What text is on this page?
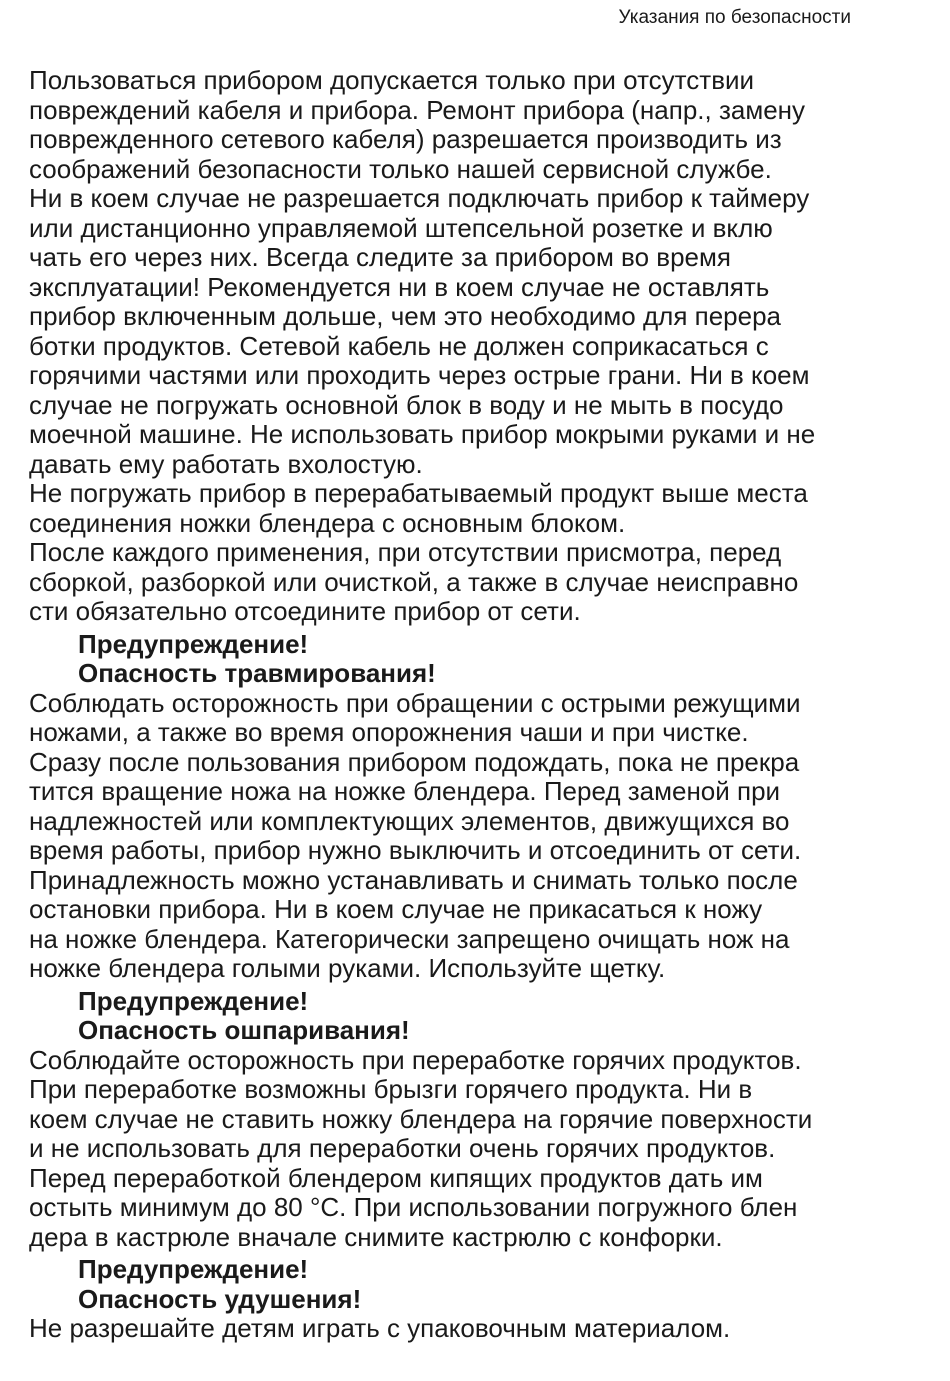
Указания по безопасности
Пользоваться прибором допускается только при отсутствии
повреждений кабеля и прибора. Ремонт прибора (напр., замену
поврежденного сетевого кабеля) разрешается производить из
соображений безопасности только нашей сервисной службе.
Ни в коем случае не разрешается подключать прибор к таймеру
или дистанционно управляемой штепсельной розетке и вклю
чать его через них. Всегда следите за прибором во время
эксплуатации! Рекомендуется ни в коем случае не оставлять
прибор включенным дольше, чем это необходимо для перера
ботки продуктов. Сетевой кабель не должен соприкасаться с
горячими частями или проходить через острые грани. Ни в коем
случае не погружать основной блок в воду и не мыть в посудо
моечной машине. Не использовать прибор мокрыми руками и не
давать ему работать вхолостую.
Не погружать прибор в перерабатываемый продукт выше места
соединения ножки блендера с основным блоком.
После каждого применения, при отсутствии присмотра, перед
сборкой, разборкой или очисткой, а также в случае неисправно
сти обязательно отсоедините прибор от сети.
Предупреждение!
Опасность травмирования!
Соблюдать осторожность при обращении с острыми режущими
ножами, а также во время опорожнения чаши и при чистке.
Сразу после пользования прибором подождать, пока не прекра
тится вращение ножа на ножке блендера. Перед заменой при
надлежностей или комплектующих элементов, движущихся во
время работы, прибор нужно выключить и отсоединить от сети.
Принадлежность можно устанавливать и снимать только после
остановки прибора. Ни в коем случае не прикасаться к ножу
на ножке блендера. Категорически запрещено очищать нож на
ножке блендера голыми руками. Используйте щетку.
Предупреждение!
Опасность ошпаривания!
Соблюдайте осторожность при переработке горячих продуктов.
При переработке возможны брызги горячего продукта. Ни в
коем случае не ставить ножку блендера на горячие поверхности
и не использовать для переработки очень горячих продуктов.
Перед переработкой блендером кипящих продуктов дать им
остыть минимум до 80 °C. При использовании погружного блен
дера в кастрюле вначале снимите кастрюлю с конфорки.
Предупреждение!
Опасность удушения!
Не разрешайте детям играть с упаковочным материалом.
